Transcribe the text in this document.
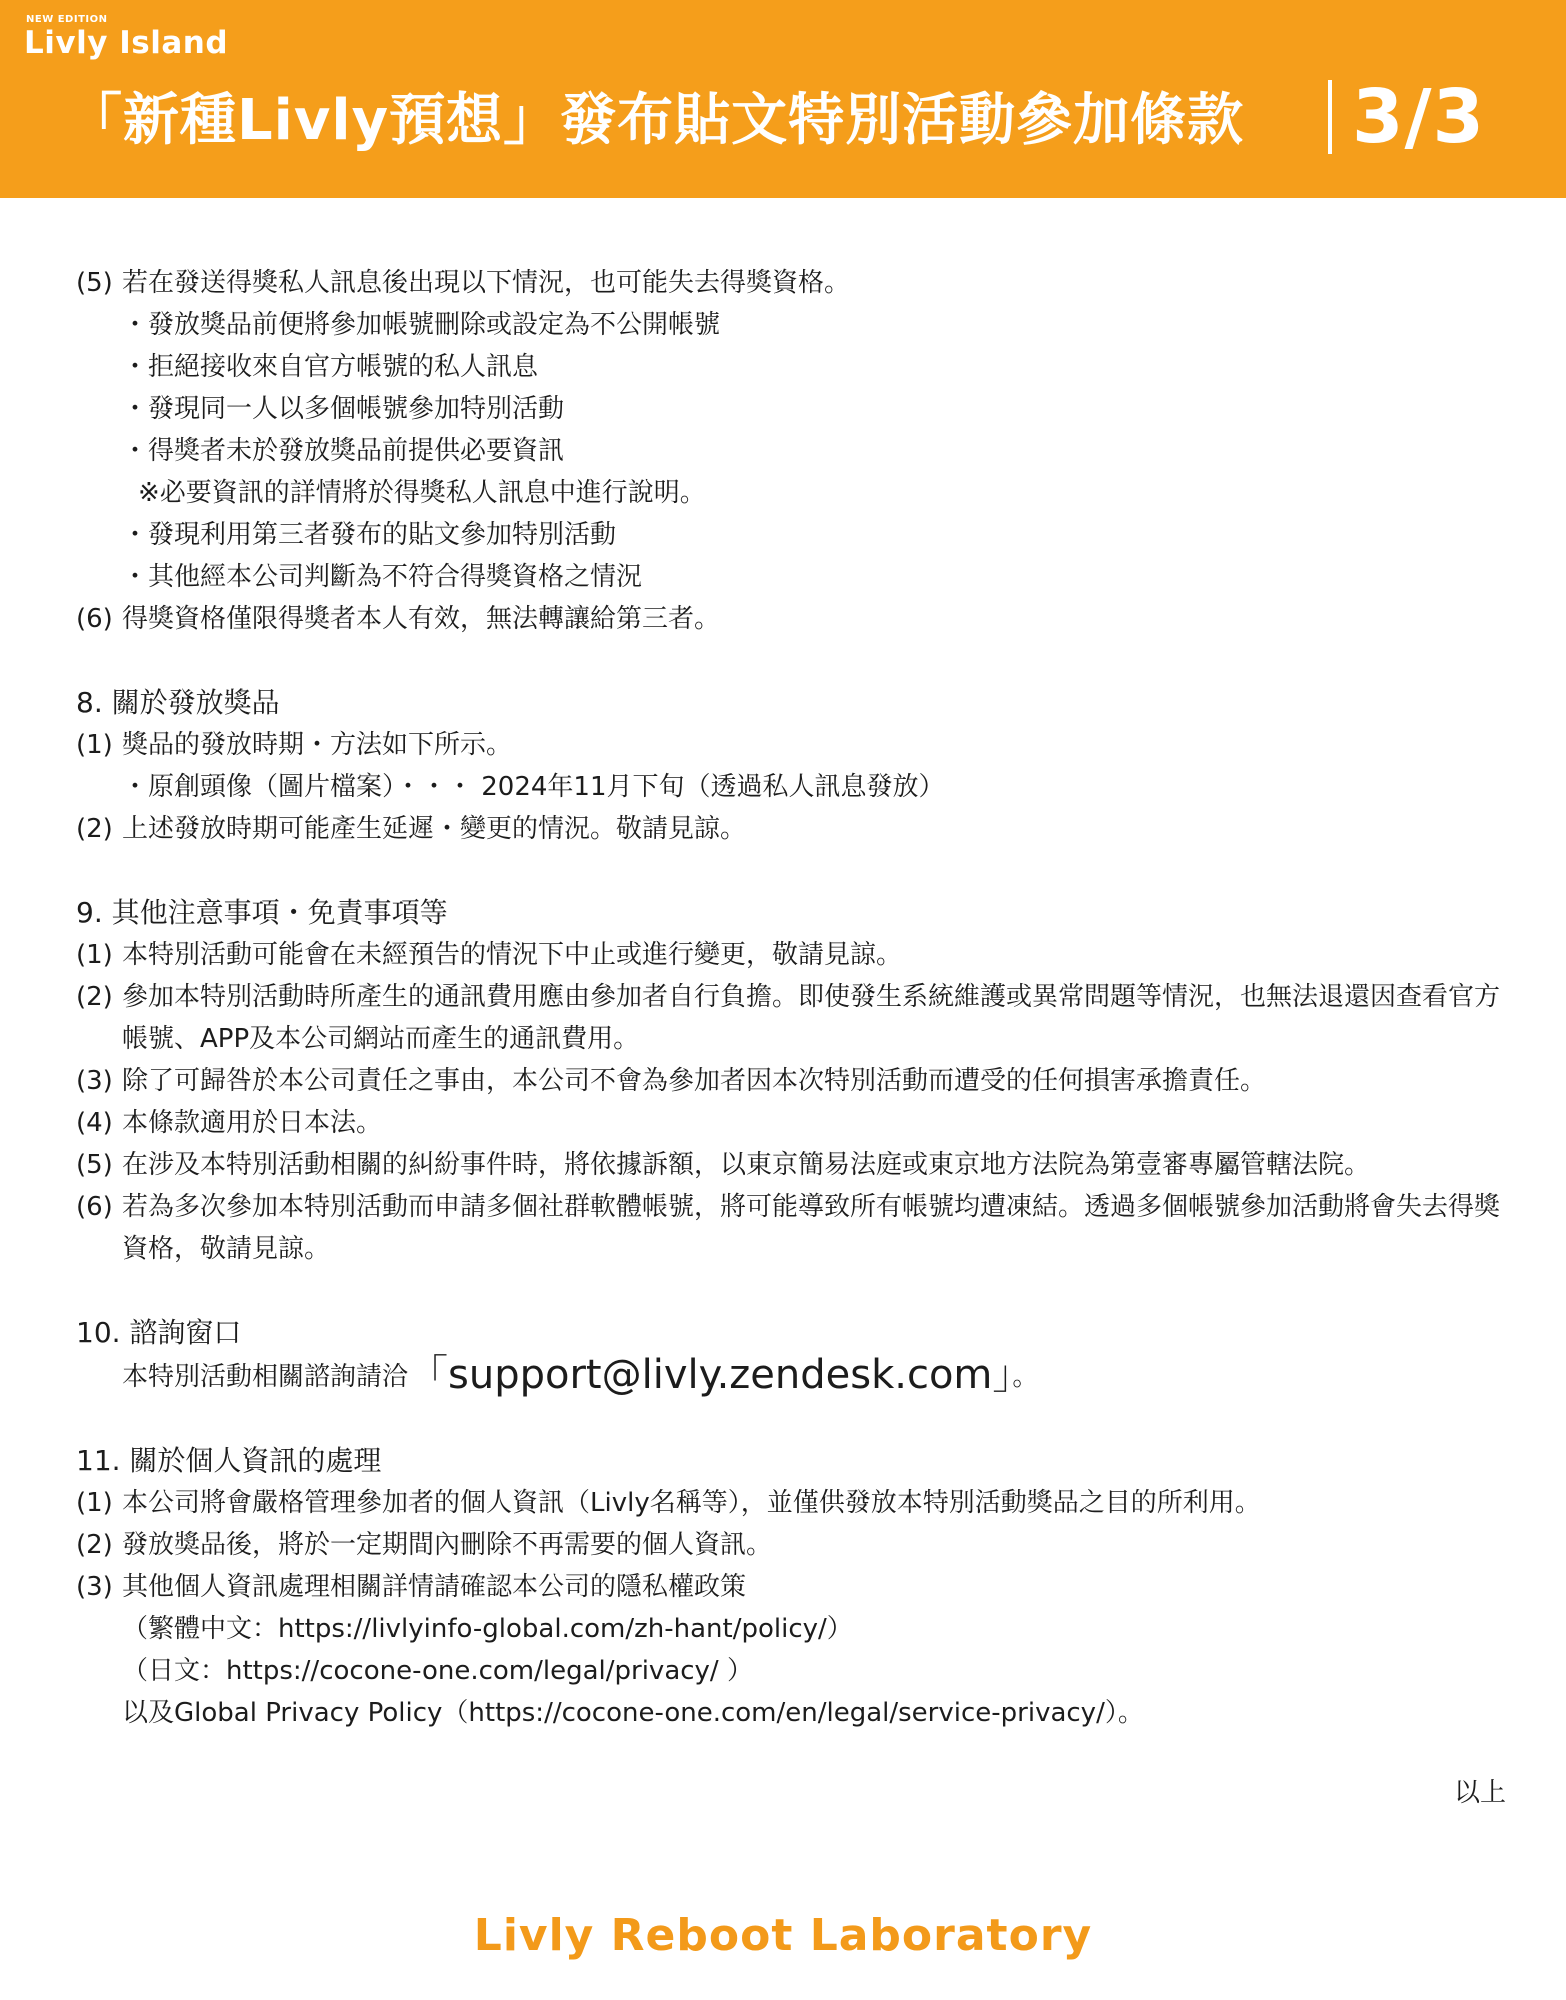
NEW EDITION
Livly Island
「新種Livly預想」發布貼文特別活動參加條款 3/3
(5) 若在發送得獎私人訊息後出現以下情況，也可能失去得獎資格。
・發放獎品前便將參加帳號刪除或設定為不公開帳號
・拒絕接收來自官方帳號的私人訊息
・發現同一人以多個帳號參加特別活動
・得獎者未於發放獎品前提供必要資訊
※必要資訊的詳情將於得獎私人訊息中進行說明。
・發現利用第三者發布的貼文參加特別活動
・其他經本公司判斷為不符合得獎資格之情況
(6) 得獎資格僅限得獎者本人有效，無法轉讓給第三者。
8. 關於發放獎品
(1) 獎品的發放時期・方法如下所示。
・原創頭像（圖片檔案）・・・ 2024年11月下旬（透過私人訊息發放）
(2) 上述發放時期可能產生延遲・變更的情況。敬請見諒。
9. 其他注意事項・免責事項等
(1) 本特別活動可能會在未經預告的情況下中止或進行變更，敬請見諒。
(2) 參加本特別活動時所產生的通訊費用應由參加者自行負擔。即使發生系統維護或異常問題等情況，也無法退還因查看官方帳號、APP及本公司網站而產生的通訊費用。
(3) 除了可歸咎於本公司責任之事由，本公司不會為參加者因本次特別活動而遭受的任何損害承擔責任。
(4) 本條款適用於日本法。
(5) 在涉及本特別活動相關的糾紛事件時，將依據訴額，以東京簡易法庭或東京地方法院為第壹審專屬管轄法院。
(6) 若為多次參加本特別活動而申請多個社群軟體帳號，將可能導致所有帳號均遭凍結。透過多個帳號參加活動將會失去得獎資格，敬請見諒。
10. 諮詢窗口
本特別活動相關諮詢請洽「support@livly.zendesk.com」。
11. 關於個人資訊的處理
(1) 本公司將會嚴格管理參加者的個人資訊（Livly名稱等），並僅供發放本特別活動獎品之目的所利用。
(2) 發放獎品後，將於一定期間內刪除不再需要的個人資訊。
(3) 其他個人資訊處理相關詳情請確認本公司的隱私權政策
（繁體中文：https://livlyinfo-global.com/zh-hant/policy/）
（日文：https://cocone-one.com/legal/privacy/ ）
以及Global Privacy Policy（https://cocone-one.com/en/legal/service-privacy/）。
以上
Livly Reboot Laboratory
